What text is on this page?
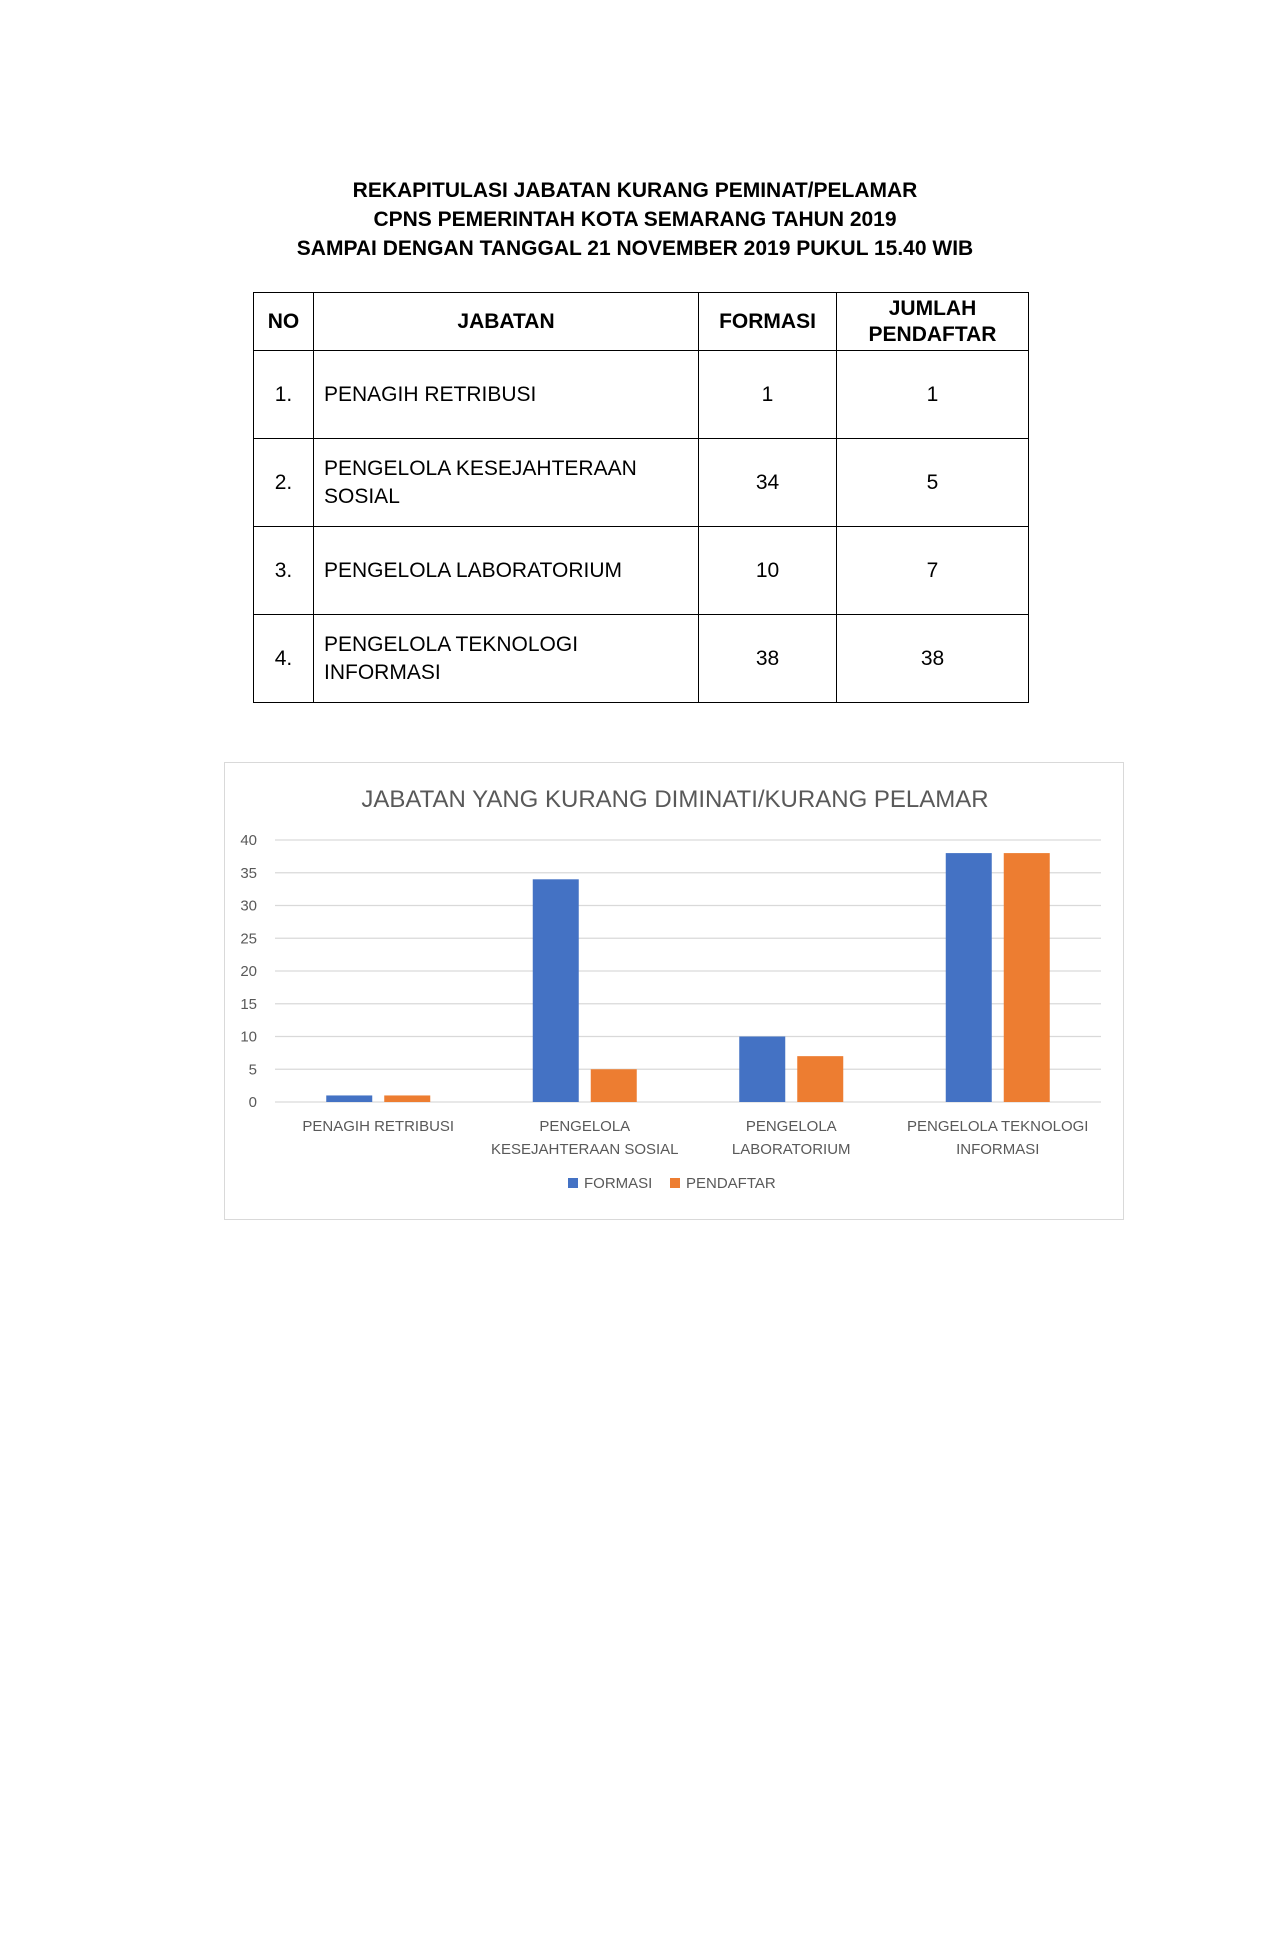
REKAPITULASI JABATAN KURANG PEMINAT/PELAMAR
CPNS PEMERINTAH KOTA SEMARANG TAHUN 2019
SAMPAI DENGAN TANGGAL 21 NOVEMBER 2019 PUKUL 15.40 WIB
NO	JABATAN	FORMASI	JUMLAH
PENDAFTAR
1.	PENAGIH RETRIBUSI	1	1
2.	PENGELOLA KESEJAHTERAAN SOSIAL	34	5
3.	PENGELOLA LABORATORIUM	10	7
4.	PENGELOLA TEKNOLOGI INFORMASI	38	38
JABATAN YANG KURANG DIMINATI/KURANG PELAMAR
0
5
10
15
20
25
30
35
40
PENAGIH RETRIBUSI	PENGELOLA
KESEJAHTERAAN SOSIAL
PENGELOLA
LABORATORIUM
PENGELOLA TEKNOLOGI
INFORMASI
FORMASI PENDAFTAR
